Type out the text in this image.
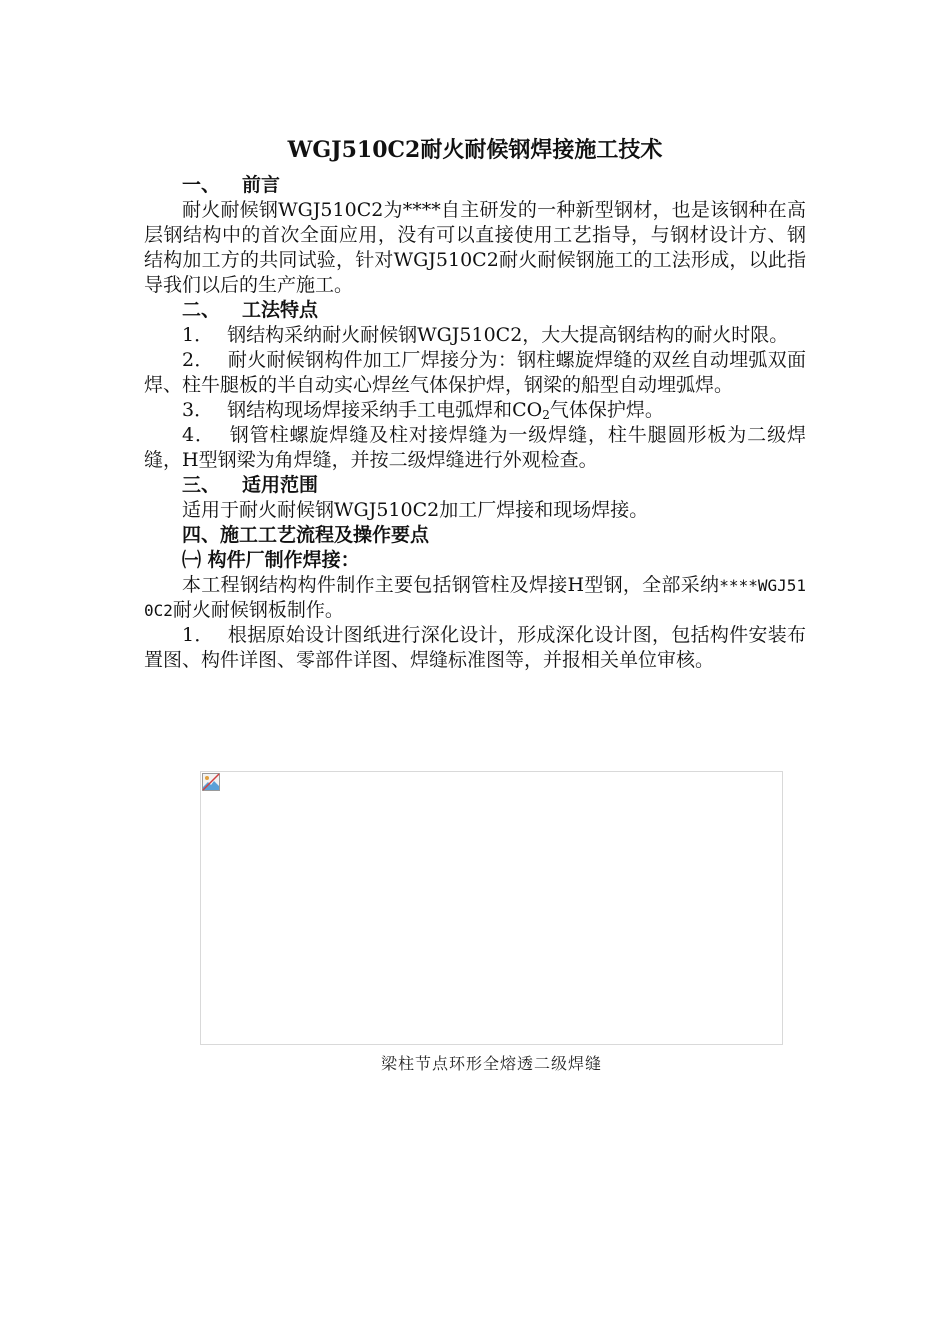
WGJ510C2耐火耐候钢焊接施工技术
一、 前言

耐火耐候钢WGJ510C2为****自主研发的一种新型钢材，也是该钢种在高层钢结构中的首次全面应用，没有可以直接使用工艺指导，与钢材设计方、钢结构加工方的共同试验，针对WGJ510C2耐火耐候钢施工的工法形成，以此指导我们以后的生产施工。

二、 工法特点

1． 钢结构采纳耐火耐候钢WGJ510C2，大大提高钢结构的耐火时限。

2． 耐火耐候钢构件加工厂焊接分为：钢柱螺旋焊缝的双丝自动埋弧双面焊、柱牛腿板的半自动实心焊丝气体保护焊，钢梁的船型自动埋弧焊。

3． 钢结构现场焊接采纳手工电弧焊和$CO_2$气体保护焊。

4． 钢管柱螺旋焊缝及柱对接焊缝为一级焊缝，柱牛腿圆形板为二级焊缝，H型钢梁为角焊缝，并按二级焊缝进行外观检查。

三、 适用范围

适用于耐火耐候钢WGJ510C2加工厂焊接和现场焊接。

四、施工工艺流程及操作要点
㈠ 构件厂制作焊接：

本工程钢结构构件制作主要包括钢管柱及焊接H型钢，全部采纳****WGJ510C2耐火耐候钢板制作。

1． 根据原始设计图纸进行深化设计，形成深化设计图，包括构件安装布置图、构件详图、零部件详图、焊缝标准图等，并报相关单位审核。

梁柱节点环形全熔透二级焊缝
